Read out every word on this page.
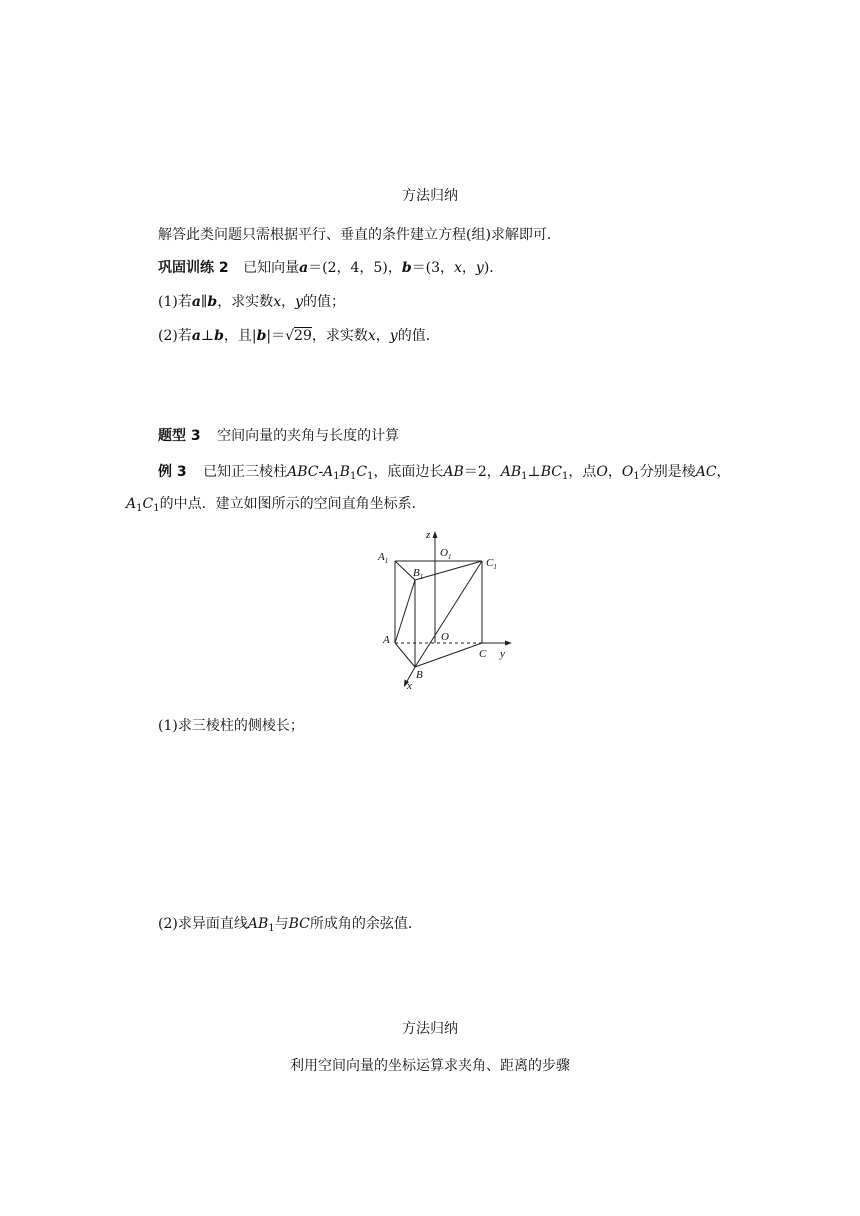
方法归纳
解答此类问题只需根据平行、垂直的条件建立方程(组)求解即可．
巩固训练 2 已知向量a＝(2，4，5)，b＝(3，x，y)．
(1)若a∥b，求实数x，y的值；
(2)若a⊥b，且|b|＝√29，求实数x，y的值．
题型 3 空间向量的夹角与长度的计算
例 3 已知正三棱柱ABC-$A_1B_1C_1$，底面边长AB＝2，$AB_1\perp BC_1$，点O，$O_1$分别是棱AC，
$A_1C_1$的中点．建立如图所示的空间直角坐标系．
z
$A_1$
$O_1$	$C_1$
$B_1$
A	O
C y
B
x
(1)求三棱柱的侧棱长；
(2)求异面直线$AB_1$与BC所成角的余弦值．
方法归纳
利用空间向量的坐标运算求夹角、距离的步骤
